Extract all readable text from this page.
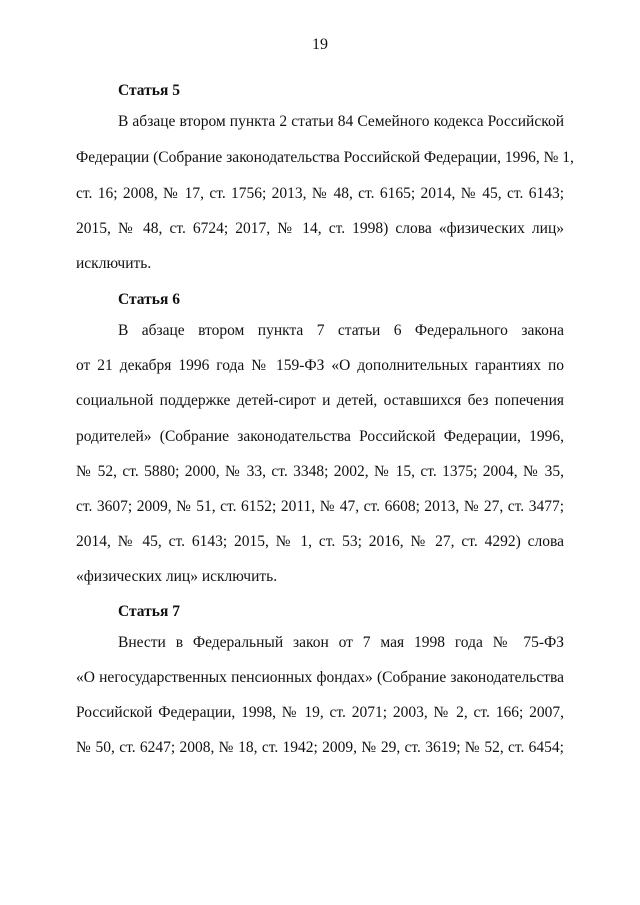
19
Статья 5
В абзаце втором пункта 2 статьи 84 Семейного кодекса Российской
Федерации (Собрание законодательства Российской Федерации, 1996, № 1,
ст. 16; 2008, № 17, ст. 1756; 2013, № 48, ст. 6165; 2014, № 45, ст. 6143;
2015, № 48, ст. 6724; 2017, № 14, ст. 1998) слова «физических лиц»
исключить.
Статья 6
В абзаце втором пункта 7 статьи 6 Федерального закона
от 21 декабря 1996 года № 159-ФЗ «О дополнительных гарантиях по
социальной поддержке детей-сирот и детей, оставшихся без попечения
родителей» (Собрание законодательства Российской Федерации, 1996,
№ 52, ст. 5880; 2000, № 33, ст. 3348; 2002, № 15, ст. 1375; 2004, № 35,
ст. 3607; 2009, № 51, ст. 6152; 2011, № 47, ст. 6608; 2013, № 27, ст. 3477;
2014, № 45, ст. 6143; 2015, № 1, ст. 53; 2016, № 27, ст. 4292) слова
«физических лиц» исключить.
Статья 7
Внести в Федеральный закон от 7 мая 1998 года № 75-ФЗ
«О негосударственных пенсионных фондах» (Собрание законодательства
Российской Федерации, 1998, № 19, ст. 2071; 2003, № 2, ст. 166; 2007,
№ 50, ст. 6247; 2008, № 18, ст. 1942; 2009, № 29, ст. 3619; № 52, ст. 6454;
